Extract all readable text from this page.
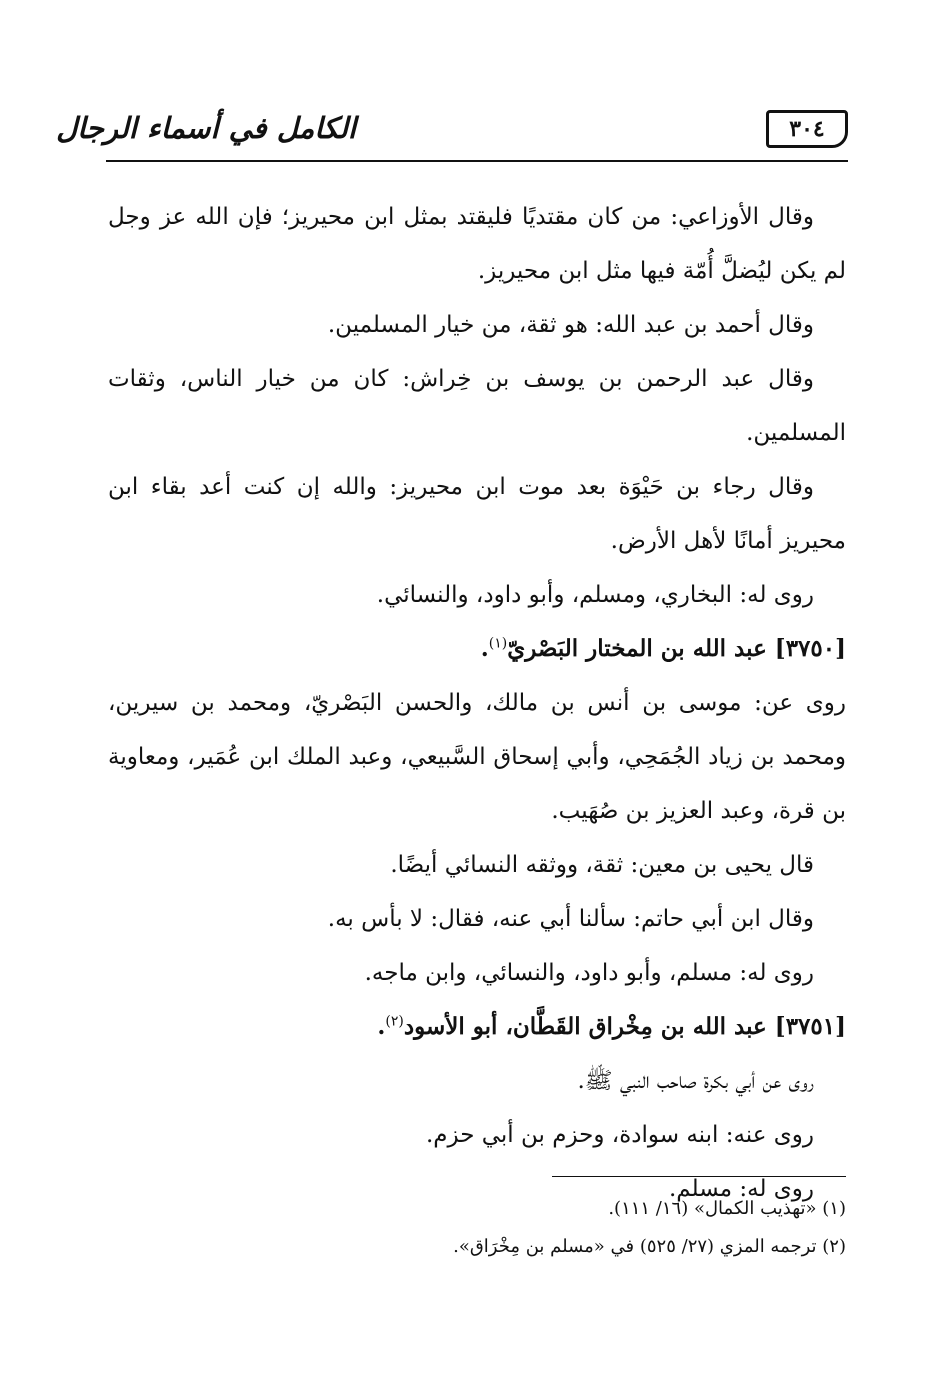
٣٠٤
الكامل في أسماء الرجال

وقال الأوزاعي: من كان مقتديًا فليقتد بمثل ابن محيريز؛ فإن الله عز وجل لم يكن ليُضلَّ أُمّة فيها مثل ابن محيريز.

وقال أحمد بن عبد الله: هو ثقة، من خيار المسلمين.

وقال عبد الرحمن بن يوسف بن خِراش: كان من خيار الناس، وثقات المسلمين.

وقال رجاء بن حَيْوَة بعد موت ابن محيريز: والله إن كنت أعد بقاء ابن محيريز أمانًا لأهل الأرض.

روى له: البخاري، ومسلم، وأبو داود، والنسائي.

[٣٧٥٠] عبد الله بن المختار البَصْريّ$^{(١)}$.

روى عن: موسى بن أنس بن مالك، والحسن البَصْريّ، ومحمد بن سيرين، ومحمد بن زياد الجُمَحِي، وأبي إسحاق السَّبيعي، وعبد الملك ابن عُمَير، ومعاوية بن قرة، وعبد العزيز بن صُهَيب.

قال يحيى بن معين: ثقة، ووثقه النسائي أيضًا.

وقال ابن أبي حاتم: سألنا أبي عنه، فقال: لا بأس به.

روى له: مسلم، وأبو داود، والنسائي، وابن ماجه.

[٣٧٥١] عبد الله بن مِخْراق القَطَّان، أبو الأسود$^{(٢)}$.

روى عن أبي بكرة صاحب النبي ﷺ.

روى عنه: ابنه سوادة، وحزم بن أبي حزم.

روى له: مسلم.

(١) «تهذيب الكمال» (١٦/ ١١١).
(٢) ترجمه المزي (٢٧/ ٥٢٥) في «مسلم بن مِخْرَاق».
